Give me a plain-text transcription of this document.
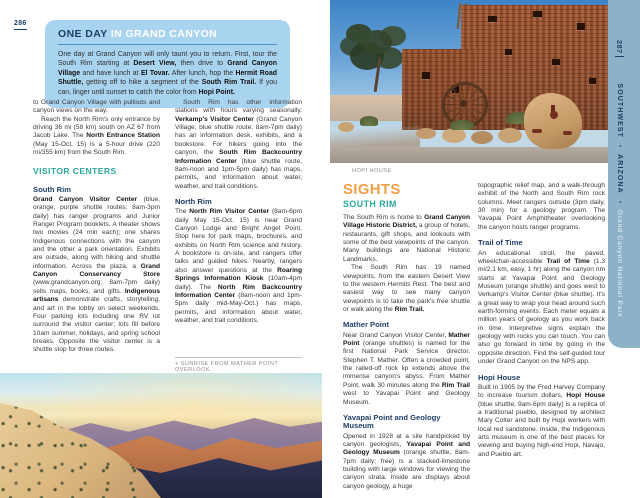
286
ONE DAY IN GRAND CANYON
One day at Grand Canyon will only taunt you to return. First, tour the South Rim starting at Desert View, then drive to Grand Canyon Village and have lunch at El Tovar. After lunch, hop the Hermit Road Shuttle, getting off to hike a segment of the South Rim Trail. If you can, linger until sunset to catch the color from Hopi Point.

to Grand Canyon Village with pullouts and canyon views on the way.

Reach the North Rim's only entrance by driving 36 mi (58 km) south on AZ 67 from Jacob Lake. The North Entrance Station (May 15-Oct. 15) is a 5-hour drive (220 mi/355 km) from the South Rim.

VISITOR CENTERS
South Rim

Grand Canyon Visitor Center (blue, orange, purple shuttle routes; 8am-3pm daily) has ranger programs and Junior Ranger Program booklets. A theater shows two movies (24 min each); one shares Indigenous connections with the canyon and the other a park orientation. Exhibits are outside, along with hiking and shuttle information. Across the plaza, a Grand Canyon Conservancy Store (www.grandcanyon.org; 8am-7pm daily) sells maps, books, and gifts. Indigenous artisans demonstrate crafts, storytelling, and art in the lobby on select weekends. Four parking lots including one RV lot surround the visitor center; lots fill before 10am summer, holidays, and spring school breaks. Opposite the visitor center is a shuttle stop for three routes.

South Rim has other information stations with hours varying seasonally. Verkamp's Visitor Center (Grand Canyon Village, blue shuttle route; 8am-7pm daily) has an information desk, exhibits, and a bookstore. For hikers going into the canyon, the South Rim Backcountry Information Center (blue shuttle route, 8am-noon and 1pm-5pm daily) has maps, permits, and information about water, weather, and trail conditions.

North Rim

The North Rim Visitor Center (8am-6pm daily May 15-Oct. 15) is near Grand Canyon Lodge and Bright Angel Point. Stop here for park maps, brochures, and exhibits on North Rim science and history. A bookstore is on-site, and rangers offer talks and guided hikes. Nearby, rangers also answer questions at the Roaring Springs Information Kiosk (10am-4pm daily). The North Rim Backcountry Information Center (8am-noon and 1pm-5pm daily mid-May-Oct.) has maps, permits, and information about water, weather, and trail conditions.

+ SUNRISE FROM MATHER POINT OVERLOOK
HOPI HOUSE
SIGHTS
SOUTH RIM

The South Rim is home to Grand Canyon Village Historic District, a group of hotels, restaurants, gift shops, and lookouts with some of the best viewpoints of the canyon. Many buildings are National Historic Landmarks.

The South Rim has 19 named viewpoints, from the eastern Desert View to the western Hermits Rest. The best and easiest way to see many canyon viewpoints is to take the park's free shuttle or walk along the Rim Trail.

Mather Point

Near Grand Canyon Visitor Center, Mather Point (orange shuttles) is named for the first National Park Service director, Stephen T. Mather. Often a crowded point, the railed-off rock lip extends above the immense canyon's abyss. From Mather Point, walk 30 minutes along the Rim Trail west to Yavapai Point and Geology Museum.

Yavapai Point and Geology Museum

Opened in 1928 at a site handpicked by canyon geologists, Yavapai Point and Geology Museum (orange shuttle, 8am-7pm daily; free) is a stacked-limestone building with large windows for viewing the canyon strata. Inside are displays about canyon geology, a huge

topographic relief map, and a walk-through exhibit of the North and South Rim rock columns. Meet rangers outside (3pm daily, 30 min) for a geology program. The Yavapai Point Amphitheater overlooking the canyon hosts ranger programs.

Trail of Time

An educational stroll, the paved, wheelchair-accessible Trail of Time (1.3 mi/2.1 km, easy, 1 hr) along the canyon rim starts at Yavapai Point and Geology Museum (orange shuttle) and goes west to Verkamp's Visitor Center (blue shuttle). It's a great way to wrap your head around such earth-forming events. Each meter equals a million years of geology as you work back in time. Interpretive signs explain the geology with rocks you can touch. You can also go forward in time by going in the opposite direction. Find the self-guided tour under Grand Canyon on the NPS app.

Hopi House

Built in 1905 by the Fred Harvey Company to increase tourism dollars, Hopi House (blue shuttle, 9am-6pm daily) is a replica of a traditional pueblo, designed by architect Mary Colter and built by Hopi workers with local red sandstone. Inside, the Indigenous arts museum is one of the best places for viewing and buying high-end Hopi, Navajo, and Pueblo art.

287SOUTHWEST•ARIZONA•Grand Canyon National Park
